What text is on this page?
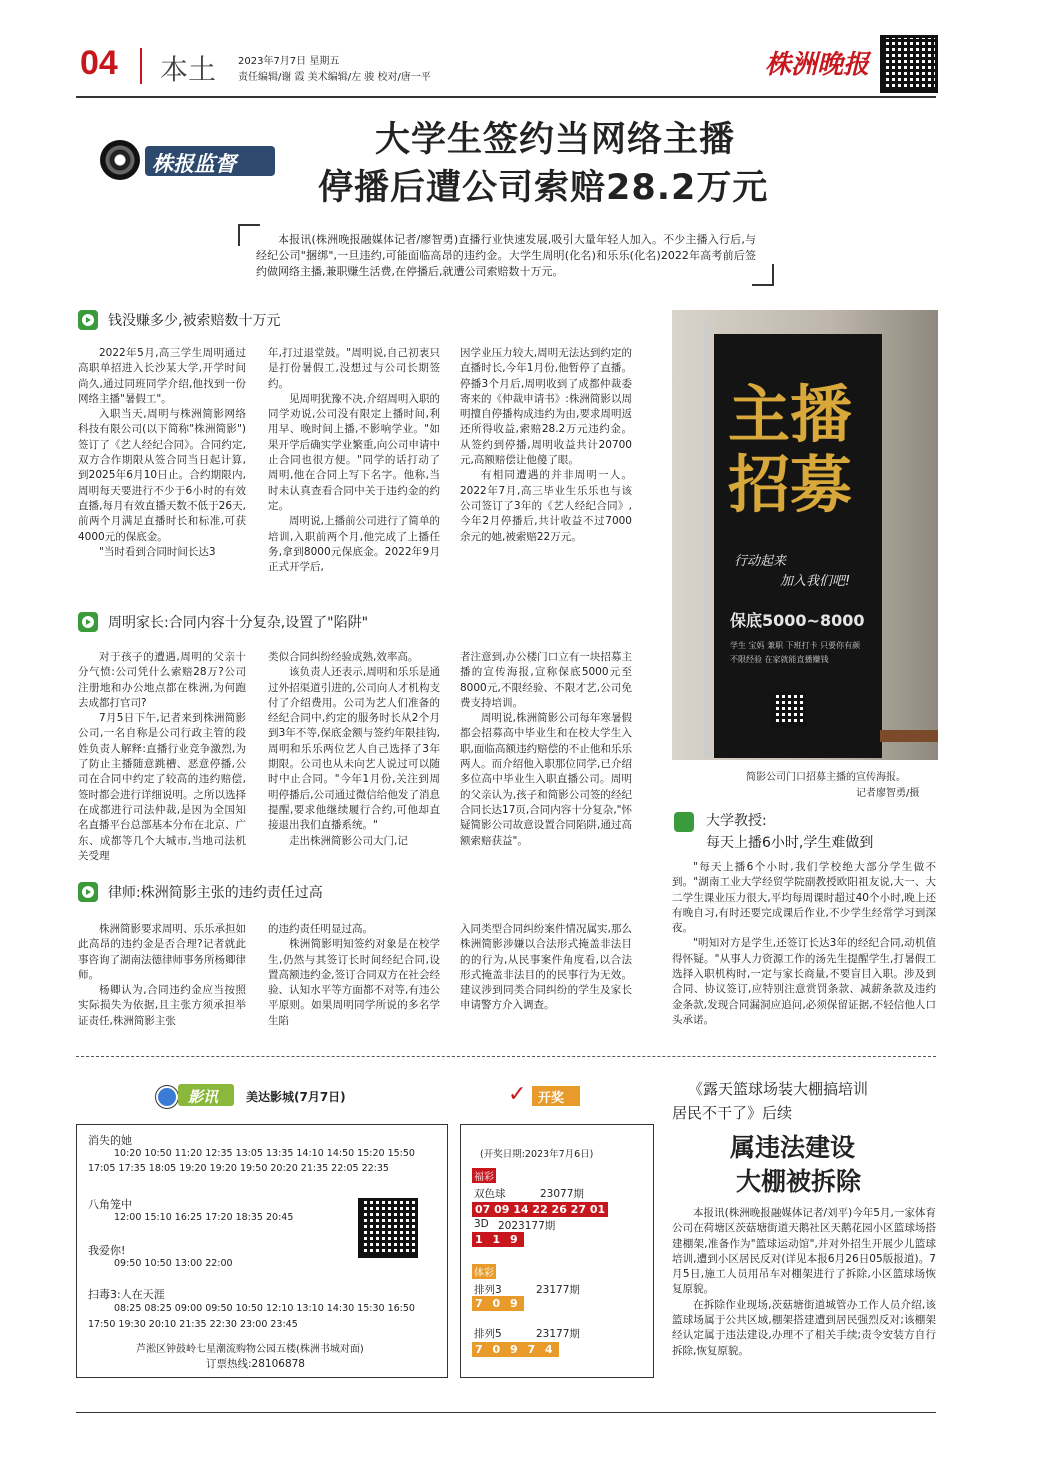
04 本土 2023年7月7日 星期五
责任编辑/谢 霞 美术编辑/左 骏 校对/唐一平	株洲晚报
株报监督
大学生签约当网络主播
停播后遭公司索赔28.2万元
本报讯(株洲晚报融媒体记者/廖智勇)直播行业快速发展,吸引大量年轻人加入。不少主播入行后,与经纪公司"捆绑",一旦违约,可能面临高昂的违约金。大学生周明(化名)和乐乐(化名)2022年高考前后签约做网络主播,兼职赚生活费,在停播后,就遭公司索赔数十万元。
钱没赚多少,被索赔数十万元

2022年5月,高三学生周明通过高职单招进入长沙某大学,开学时间尚久,通过同班同学介绍,他找到一份网络主播"暑假工"。

入职当天,周明与株洲简影网络科技有限公司(以下简称"株洲简影")签订了《艺人经纪合同》。合同约定,双方合作期限从签合同当日起计算,到2025年6月10日止。合约期限内,周明每天要进行不少于6小时的有效直播,每月有效直播天数不低于26天,前两个月满足直播时长和标准,可获4000元的保底金。

"当时看到合同时间长达3

年,打过退堂鼓。"周明说,自己初衷只是打份暑假工,没想过与公司长期签约。

见周明犹豫不决,介绍周明入职的同学劝说,公司没有限定上播时间,利用早、晚时间上播,不影响学业。"如果开学后确实学业繁重,向公司申请中止合同也很方便。"同学的话打动了周明,他在合同上写下名字。他称,当时未认真查看合同中关于违约金的约定。

周明说,上播前公司进行了简单的培训,入职前两个月,他完成了上播任务,拿到8000元保底金。2022年9月正式开学后,

因学业压力较大,周明无法达到约定的直播时长,今年1月份,他暂停了直播。停播3个月后,周明收到了成都仲裁委寄来的《仲裁申请书》:株洲简影以周明擅自停播构成违约为由,要求周明返还所得收益,索赔28.2万元违约金。从签约到停播,周明收益共计20700元,高额赔偿让他傻了眼。

有相同遭遇的并非周明一人。2022年7月,高三毕业生乐乐也与该公司签订了3年的《艺人经纪合同》,今年2月停播后,共计收益不过7000余元的她,被索赔22万元。

周明家长:合同内容十分复杂,设置了"陷阱"

对于孩子的遭遇,周明的父亲十分气愤:公司凭什么索赔28万?公司注册地和办公地点都在株洲,为何跑去成都打官司?

7月5日下午,记者来到株洲简影公司,一名自称是公司行政主管的段姓负责人解释:直播行业竞争激烈,为了防止主播随意跳槽、恶意停播,公司在合同中约定了较高的违约赔偿,签时都会进行详细说明。之所以选择在成都进行司法仲裁,是因为全国知名直播平台总部基本分布在北京、广东、成都等几个大城市,当地司法机关受理

类似合同纠纷经验成熟,效率高。

该负责人还表示,周明和乐乐是通过外招渠道引进的,公司向人才机构支付了介绍费用。公司为艺人们准备的经纪合同中,约定的服务时长从2个月到3年不等,保底金额与签约年限挂钩,周明和乐乐两位艺人自己选择了3年期限。公司也从未向艺人说过可以随时中止合同。"今年1月份,关注到周明停播后,公司通过微信给他发了消息提醒,要求他继续履行合约,可他却直接退出我们直播系统。"

走出株洲简影公司大门,记

者注意到,办公楼门口立有一块招募主播的宣传海报,宣称保底5000元至8000元,不限经验、不限才艺,公司免费支持培训。

周明说,株洲简影公司每年寒暑假都会招募高中毕业生和在校大学生入职,面临高额违约赔偿的不止他和乐乐两人。而介绍他入职那位同学,已介绍多位高中毕业生入职直播公司。周明的父亲认为,孩子和简影公司签的经纪合同长达17页,合同内容十分复杂,"怀疑简影公司故意设置合同陷阱,通过高额索赔获益"。

律师:株洲简影主张的违约责任过高

株洲简影要求周明、乐乐承担如此高昂的违约金是否合理?记者就此事咨询了湖南法德律师事务所杨卿律师。

杨卿认为,合同违约金应当按照实际损失为依据,且主张方须承担举证责任,株洲简影主张

的违约责任明显过高。

株洲简影明知签约对象是在校学生,仍然与其签订长时间经纪合同,设置高额违约金,签订合同双方在社会经验、认知水平等方面都不对等,有违公平原则。如果周明同学所说的多名学生陷

入同类型合同纠纷案件情况属实,那么株洲简影涉嫌以合法形式掩盖非法目的的行为,从民事案件角度看,以合法形式掩盖非法目的的民事行为无效。建议涉到同类合同纠纷的学生及家长申请警方介入调查。

主播招募
行动起来
加入我们吧!
保底5000~8000
学生 宝妈 兼职 下班打卡 只要你有颜
不限经验 在家就能直播赚钱
简影公司门口招募主播的宣传海报。
记者廖智勇/摄
大学教授:
每天上播6小时,学生难做到

"每天上播6个小时,我们学校绝大部分学生做不到。"湖南工业大学经贸学院副教授欧阳祖友说,大一、大二学生课业压力很大,平均每周课时超过40个小时,晚上还有晚自习,有时还要完成课后作业,不少学生经常学习到深夜。

"明知对方是学生,还签订长达3年的经纪合同,动机值得怀疑。"从事人力资源工作的汤先生提醒学生,打暑假工选择入职机构时,一定与家长商量,不要盲目入职。涉及到合同、协议签订,应特别注意赏罚条款、减薪条款及违约金条款,发现合同漏洞应追问,必须保留证据,不轻信他人口头承诺。

影讯 美达影城(7月7日)
消失的她
10:20 10:50 11:20 12:35 13:05 13:35 14:10 14:50 15:20 15:50
17:05 17:35 18:05 19:20 19:20 19:50 20:20 21:35 22:05 22:35
八角笼中
12:00 15:10 16:25 17:20 18:35 20:45
我爱你!
09:50 10:50 13:00 22:00
扫毒3:人在天涯
08:25 08:25 09:00 09:50 10:50 12:10 13:10 14:30 15:30 16:50
17:50 19:30 20:10 21:35 22:30 23:00 23:45
芦淞区钟鼓岭七星潮流购物公园五楼(株洲书城对面)
订票热线:28106878
✓ 开奖
(开奖日期:2023年7月6日)
福彩
双色球	23077期
07 09 14 22 26 27 01
3D 2023177期
1 1 9
体彩
排列3	23177期
7 0 9
排列5	23177期
7 0 9 7 4
《露天篮球场装大棚搞培训
居民不干了》后续
属违法建设
大棚被拆除

本报讯(株洲晚报融媒体记者/刘平)今年5月,一家体育公司在荷塘区茨菇塘街道天鹅社区天鹅花园小区篮球场搭建棚架,准备作为"篮球运动馆",并对外招生开展少儿篮球培训,遭到小区居民反对(详见本报6月26日05版报道)。7月5日,施工人员用吊车对棚架进行了拆除,小区篮球场恢复原貌。

在拆除作业现场,茨菇塘街道城管办工作人员介绍,该篮球场属于公共区域,棚架搭建遭到居民强烈反对;该棚架经认定属于违法建设,办理不了相关手续;责令安装方自行拆除,恢复原貌。
